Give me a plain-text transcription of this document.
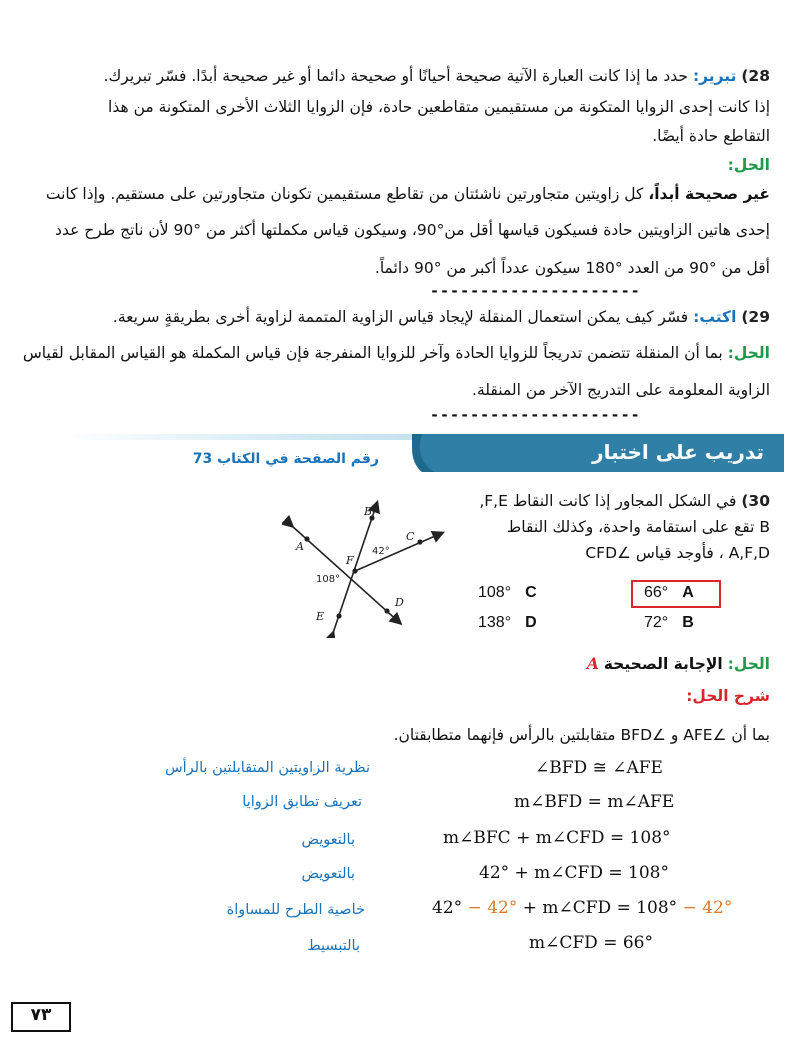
28) تبرير: حدد ما إذا كانت العبارة الآتية صحيحة أحيانًا أو صحيحة دائما أو غير صحيحة أبدًا. فسّر تبريرك.
إذا كانت إحدى الزوايا المتكونة من مستقيمين متقاطعين حادة، فإن الزوايا الثلاث الأخرى المتكونة من هذا
التقاطع حادة أيضًا.
الحل:
غير صحيحة أبداً، كل زاويتين متجاورتين ناشئتان من تقاطع مستقيمين تكونان متجاورتين على مستقيم. وإذا كانت
إحدى هاتين الزاويتين حادة فسيكون قياسها أقل من°90، وسيكون قياس مكملتها أكثر من °90 لأن ناتج طرح عدد
أقل من °90 من العدد °180 سيكون عدداً أكبر من °90 دائماً.
---------------------
29) اكتب: فسّر كيف يمكن استعمال المنقلة لإيجاد قياس الزاوية المتممة لزاوية أخرى بطريقةٍ سريعة.
الحل: بما أن المنقلة تتضمن تدريجاً للزوايا الحادة وآخر للزوايا المنفرجة فإن قياس المكملة هو القياس المقابل لقياس
الزاوية المعلومة على التدريج الآخر من المنقلة.
---------------------
تدريب على اختبار
رقم الصفحة في الكتاب 73
30) في الشكل المجاور إذا كانت النقاط F,E,
B تقع على استقامة واحدة، وكذلك النقاط
A,F,D ، فأوجد قياس ∠CFD
66° A
72° B
108° C
138° D
B
A
C
E
D
F
42°
108°
الحل: الإجابة الصحيحة A
شرح الحل:
بما أن ∠AFE و ∠BFD متقابلتين بالرأس فإنهما متطابقتان.
∠BFD ≅ ∠AFE
نظرية الزاويتين المتقابلتين بالرأس
m∠BFD = m∠AFE
تعريف تطابق الزوايا
m∠BFC + m∠CFD = 108°
بالتعويض
42° + m∠CFD = 108°
بالتعويض
42° − 42° + m∠CFD = 108° − 42°
خاصية الطرح للمساواة
m∠CFD = 66°
بالتبسيط
٧٣
